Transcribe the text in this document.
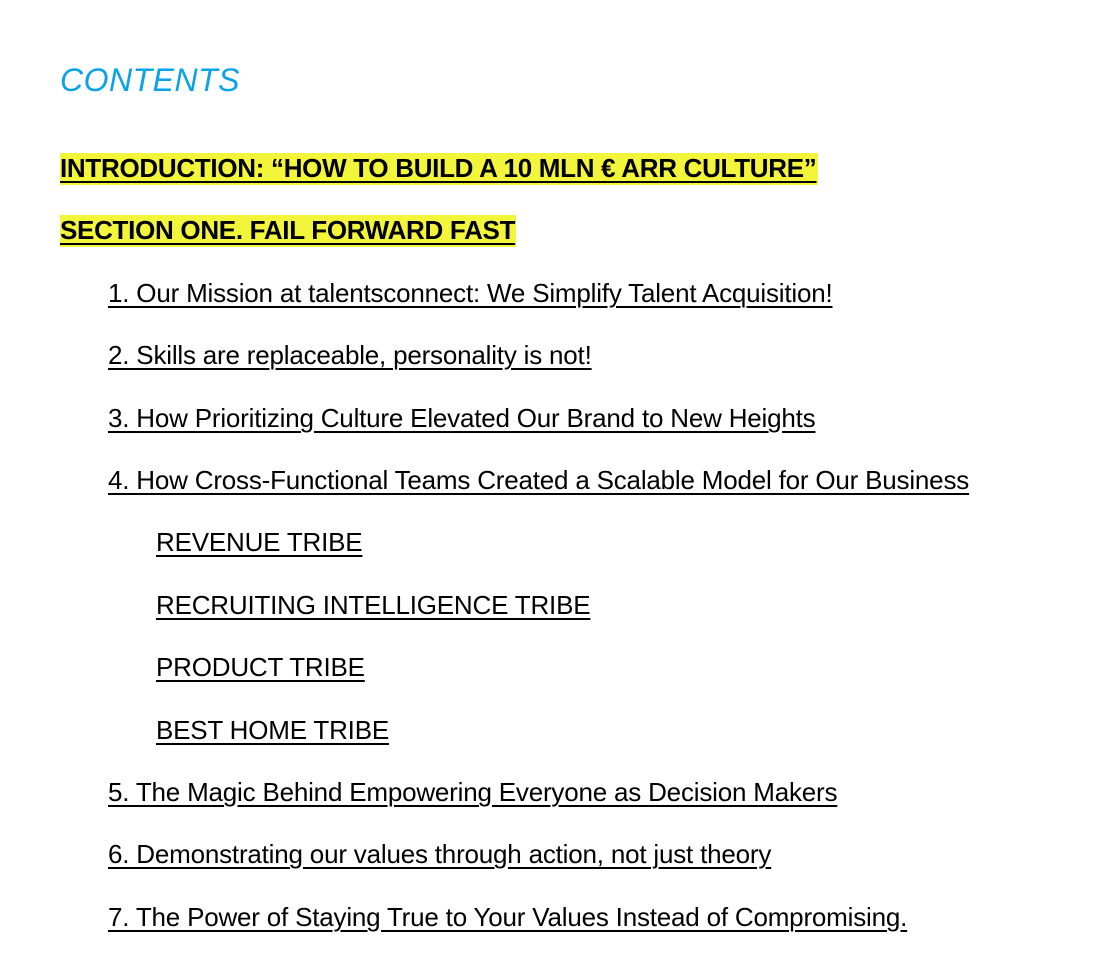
CONTENTS
INTRODUCTION: “HOW TO BUILD A 10 MLN € ARR CULTURE”
SECTION ONE. FAIL FORWARD FAST
1. Our Mission at talentsconnect: We Simplify Talent Acquisition!
2. Skills are replaceable, personality is not!
3. How Prioritizing Culture Elevated Our Brand to New Heights
4. How Cross-Functional Teams Created a Scalable Model for Our Business
REVENUE TRIBE
RECRUITING INTELLIGENCE TRIBE
PRODUCT TRIBE
BEST HOME TRIBE
5. The Magic Behind Empowering Everyone as Decision Makers
6. Demonstrating our values through action, not just theory
7. The Power of Staying True to Your Values Instead of Compromising.
